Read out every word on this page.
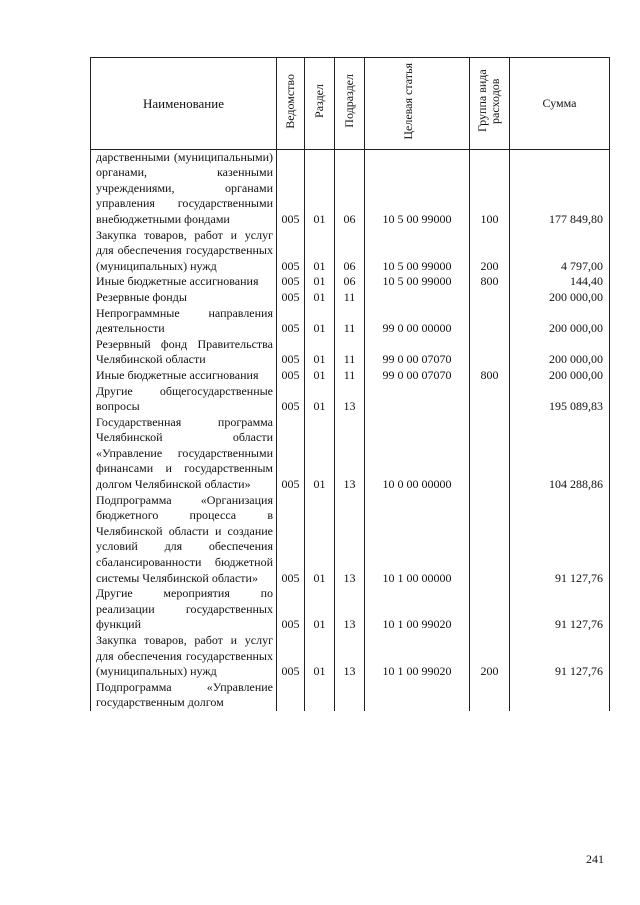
Наименование	Ведомство	Раздел	Подраздел	Целевая статья	Группа вида расходов	Сумма
дарственными (муниципальными) органами, казенными учреждениями, органами управления государственными внебюджетными фондами	005	01	06	10 5 00 99000	100	177 849,80
Закупка товаров, работ и услуг для обеспечения государственных (муниципальных) нужд	005	01	06	10 5 00 99000	200	4 797,00
Иные бюджетные ассигнования	005	01	06	10 5 00 99000	800	144,40
Резервные фонды	005	01	11			200 000,00
Непрограммные направления деятельности	005	01	11	99 0 00 00000		200 000,00
Резервный фонд Правительства Челябинской области	005	01	11	99 0 00 07070		200 000,00
Иные бюджетные ассигнования	005	01	11	99 0 00 07070	800	200 000,00
Другие общегосударственные вопросы	005	01	13			195 089,83
Государственная программа Челябинской области «Управление государственными финансами и государственным долгом Челябинской области»	005	01	13	10 0 00 00000		104 288,86
Подпрограмма «Организация бюджетного процесса в Челябинской области и создание условий для обеспечения сбалансированности бюджетной системы Челябинской области»	005	01	13	10 1 00 00000		91 127,76
Другие мероприятия по реализации государственных функций	005	01	13	10 1 00 99020		91 127,76
Закупка товаров, работ и услуг для обеспечения государственных (муниципальных) нужд	005	01	13	10 1 00 99020	200	91 127,76
Подпрограмма «Управление государственным долгом						
241
